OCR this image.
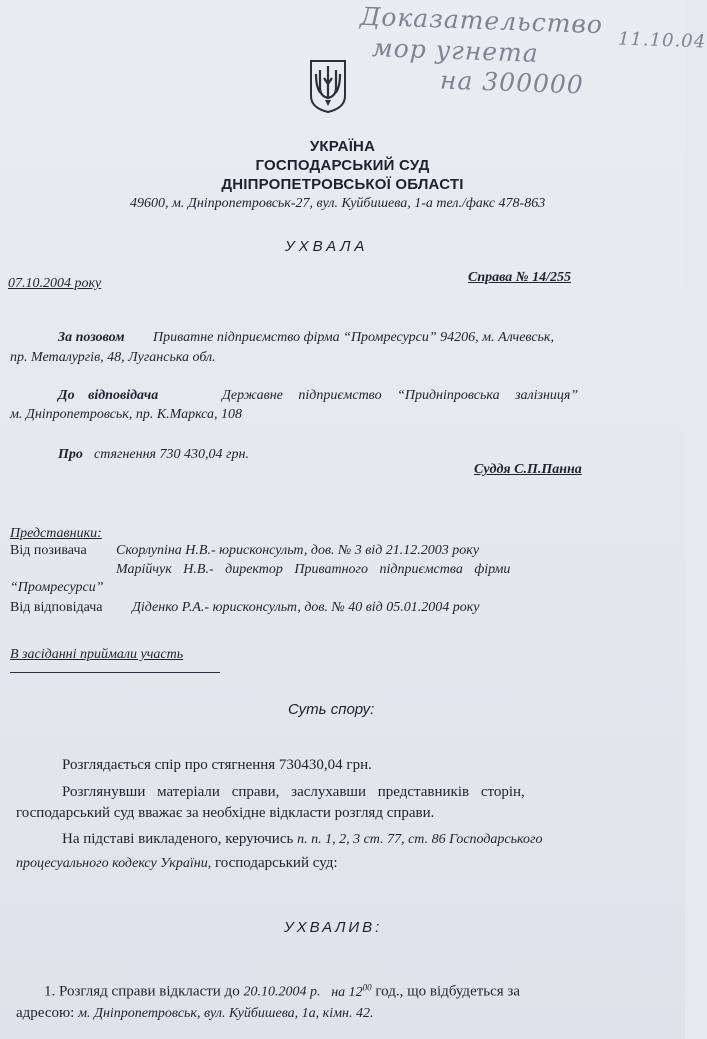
Доказательство
мор угнета
на 300000
11.10.04
УКРАЇНА
ГОСПОДАРСЬКИЙ СУД
ДНІПРОПЕТРОВСЬКОЇ ОБЛАСТІ
49600, м. Дніпропетровськ-27, вул. Куйбишева, 1-а тел./факс 478-863
УХВАЛА
07.10.2004 року	Справа № 14/255
За позовом Приватне підприємство фірма “Промресурси” 94206, м. Алчевськ,
пр. Металургів, 48, Луганська обл.
До відповідача	Державне підприємство “Придніпровська залізниця”
м. Дніпропетровськ, пр. К.Маркса, 108
Про стягнення 730 430,04 грн.
Суддя С.П.Панна
Представники:
Від позивача Скорлупіна Н.В.- юрисконсульт, дов. № 3 від 21.12.2003 року
Марійчук Н.В.- директор Приватного підприємства фірми
“Промресурси”
Від відповідача Діденко Р.А.- юрисконсульт, дов. № 40 від 05.01.2004 року
В засіданні приймали участь
Суть спору:
Розглядається спір про стягнення 730430,04 грн.
Розглянувши матеріали справи, заслухавши представників сторін,
господарський суд вважає за необхідне відкласти розгляд справи.
На підставі викладеного, керуючись п. п. 1, 2, 3 ст. 77, ст. 86 Господарського
процесуального кодексу України, господарський суд:
УХВАЛИВ:
1. Розгляд справи відкласти до 20.10.2004 р. на $12^{00}$ год., що відбудеться за
адресою: м. Дніпропетровськ, вул. Куйбишева, 1а, кімн. 42.
